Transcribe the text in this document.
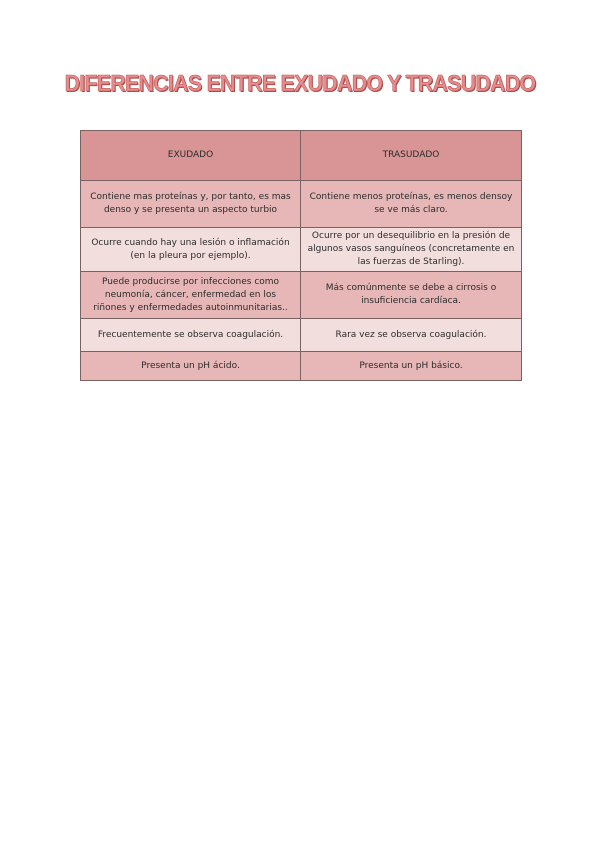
DIFERENCIAS ENTRE EXUDADO Y TRASUDADO
EXUDADO	TRASUDADO
Contiene mas proteínas y, por tanto, es mas denso y se presenta un aspecto turbio	Contiene menos proteínas, es menos densoy se ve más claro.
Ocurre cuando hay una lesión o inflamación (en la pleura por ejemplo).	Ocurre por un desequilibrio en la presión de algunos vasos sanguíneos (concretamente en las fuerzas de Starling).
Puede producirse por infecciones como neumonía, cáncer, enfermedad en los riñones y enfermedades autoinmunitarias..	Más comúnmente se debe a cirrosis o insuficiencia cardíaca.
Frecuentemente se observa coagulación.	Rara vez se observa coagulación.
Presenta un pH ácido.	Presenta un pH básico.
